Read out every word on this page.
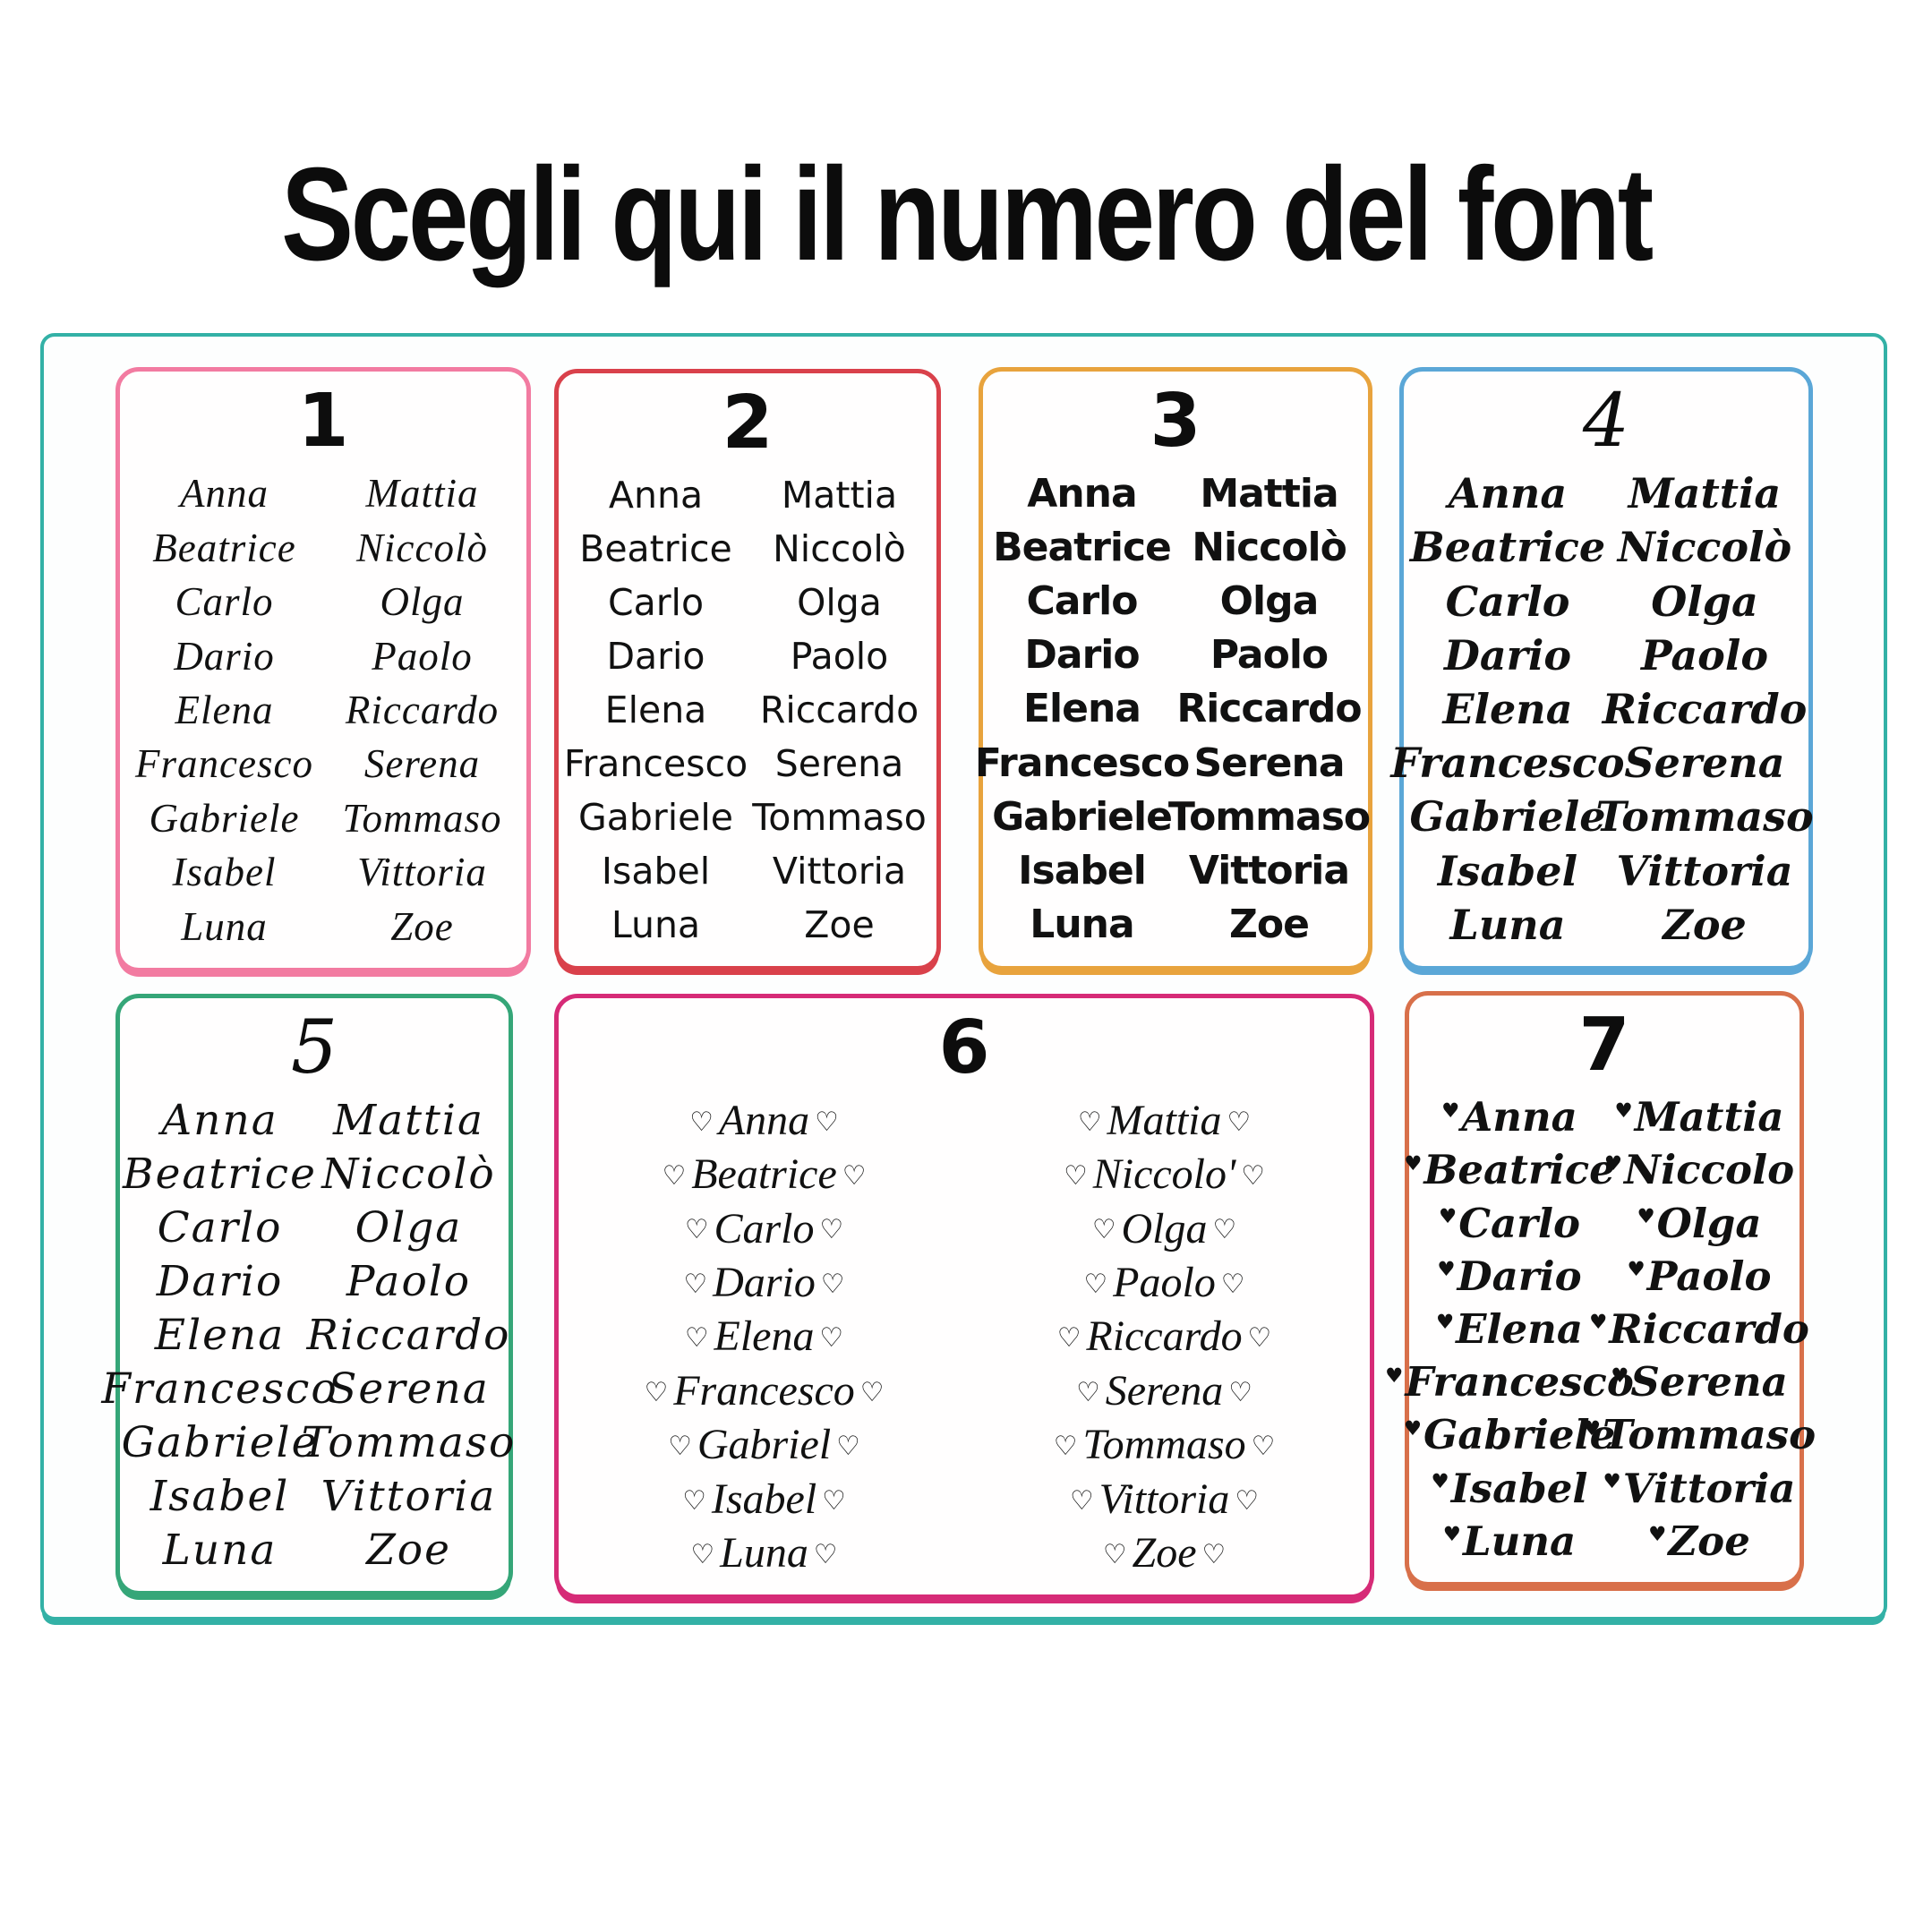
Scegli qui il numero del font
1
Anna
Beatrice
Carlo
Dario
Elena
Francesco
Gabriele
Isabel
Luna
Mattia
Niccolò
Olga
Paolo
Riccardo
Serena
Tommaso
Vittoria
Zoe
2
Anna
Beatrice
Carlo
Dario
Elena
Francesco
Gabriele
Isabel
Luna
Mattia
Niccolò
Olga
Paolo
Riccardo
Serena
Tommaso
Vittoria
Zoe
3
Anna
Beatrice
Carlo
Dario
Elena
Francesco
Gabriele
Isabel
Luna
Mattia
Niccolò
Olga
Paolo
Riccardo
Serena
Tommaso
Vittoria
Zoe
4
Anna
Beatrice
Carlo
Dario
Elena
Francesco
Gabriele
Isabel
Luna
Mattia
Niccolò
Olga
Paolo
Riccardo
Serena
Tommaso
Vittoria
Zoe
5
Anna
Beatrice
Carlo
Dario
Elena
Francesco
Gabriele
Isabel
Luna
Mattia
Niccolò
Olga
Paolo
Riccardo
Serena
Tommaso
Vittoria
Zoe
6
♡ Anna ♡
♡ Beatrice ♡
♡ Carlo ♡
♡ Dario ♡
♡ Elena ♡
♡ Francesco ♡
♡ Gabriel ♡
♡ Isabel ♡
♡ Luna ♡
♡ Mattia ♡
♡ Niccolo' ♡
♡ Olga ♡
♡ Paolo ♡
♡ Riccardo ♡
♡ Serena ♡
♡ Tommaso ♡
♡ Vittoria ♡
♡ Zoe ♡
7
♥ Anna
♥ Beatrice
♥ Carlo
♥ Dario
♥ Elena
♥ Francesco
♥ Gabriele
♥ Isabel
♥ Luna
♥ Mattia
♥ Niccolo
♥ Olga
♥ Paolo
♥ Riccardo
♥ Serena
♥ Tommaso
♥ Vittoria
♥ Zoe
